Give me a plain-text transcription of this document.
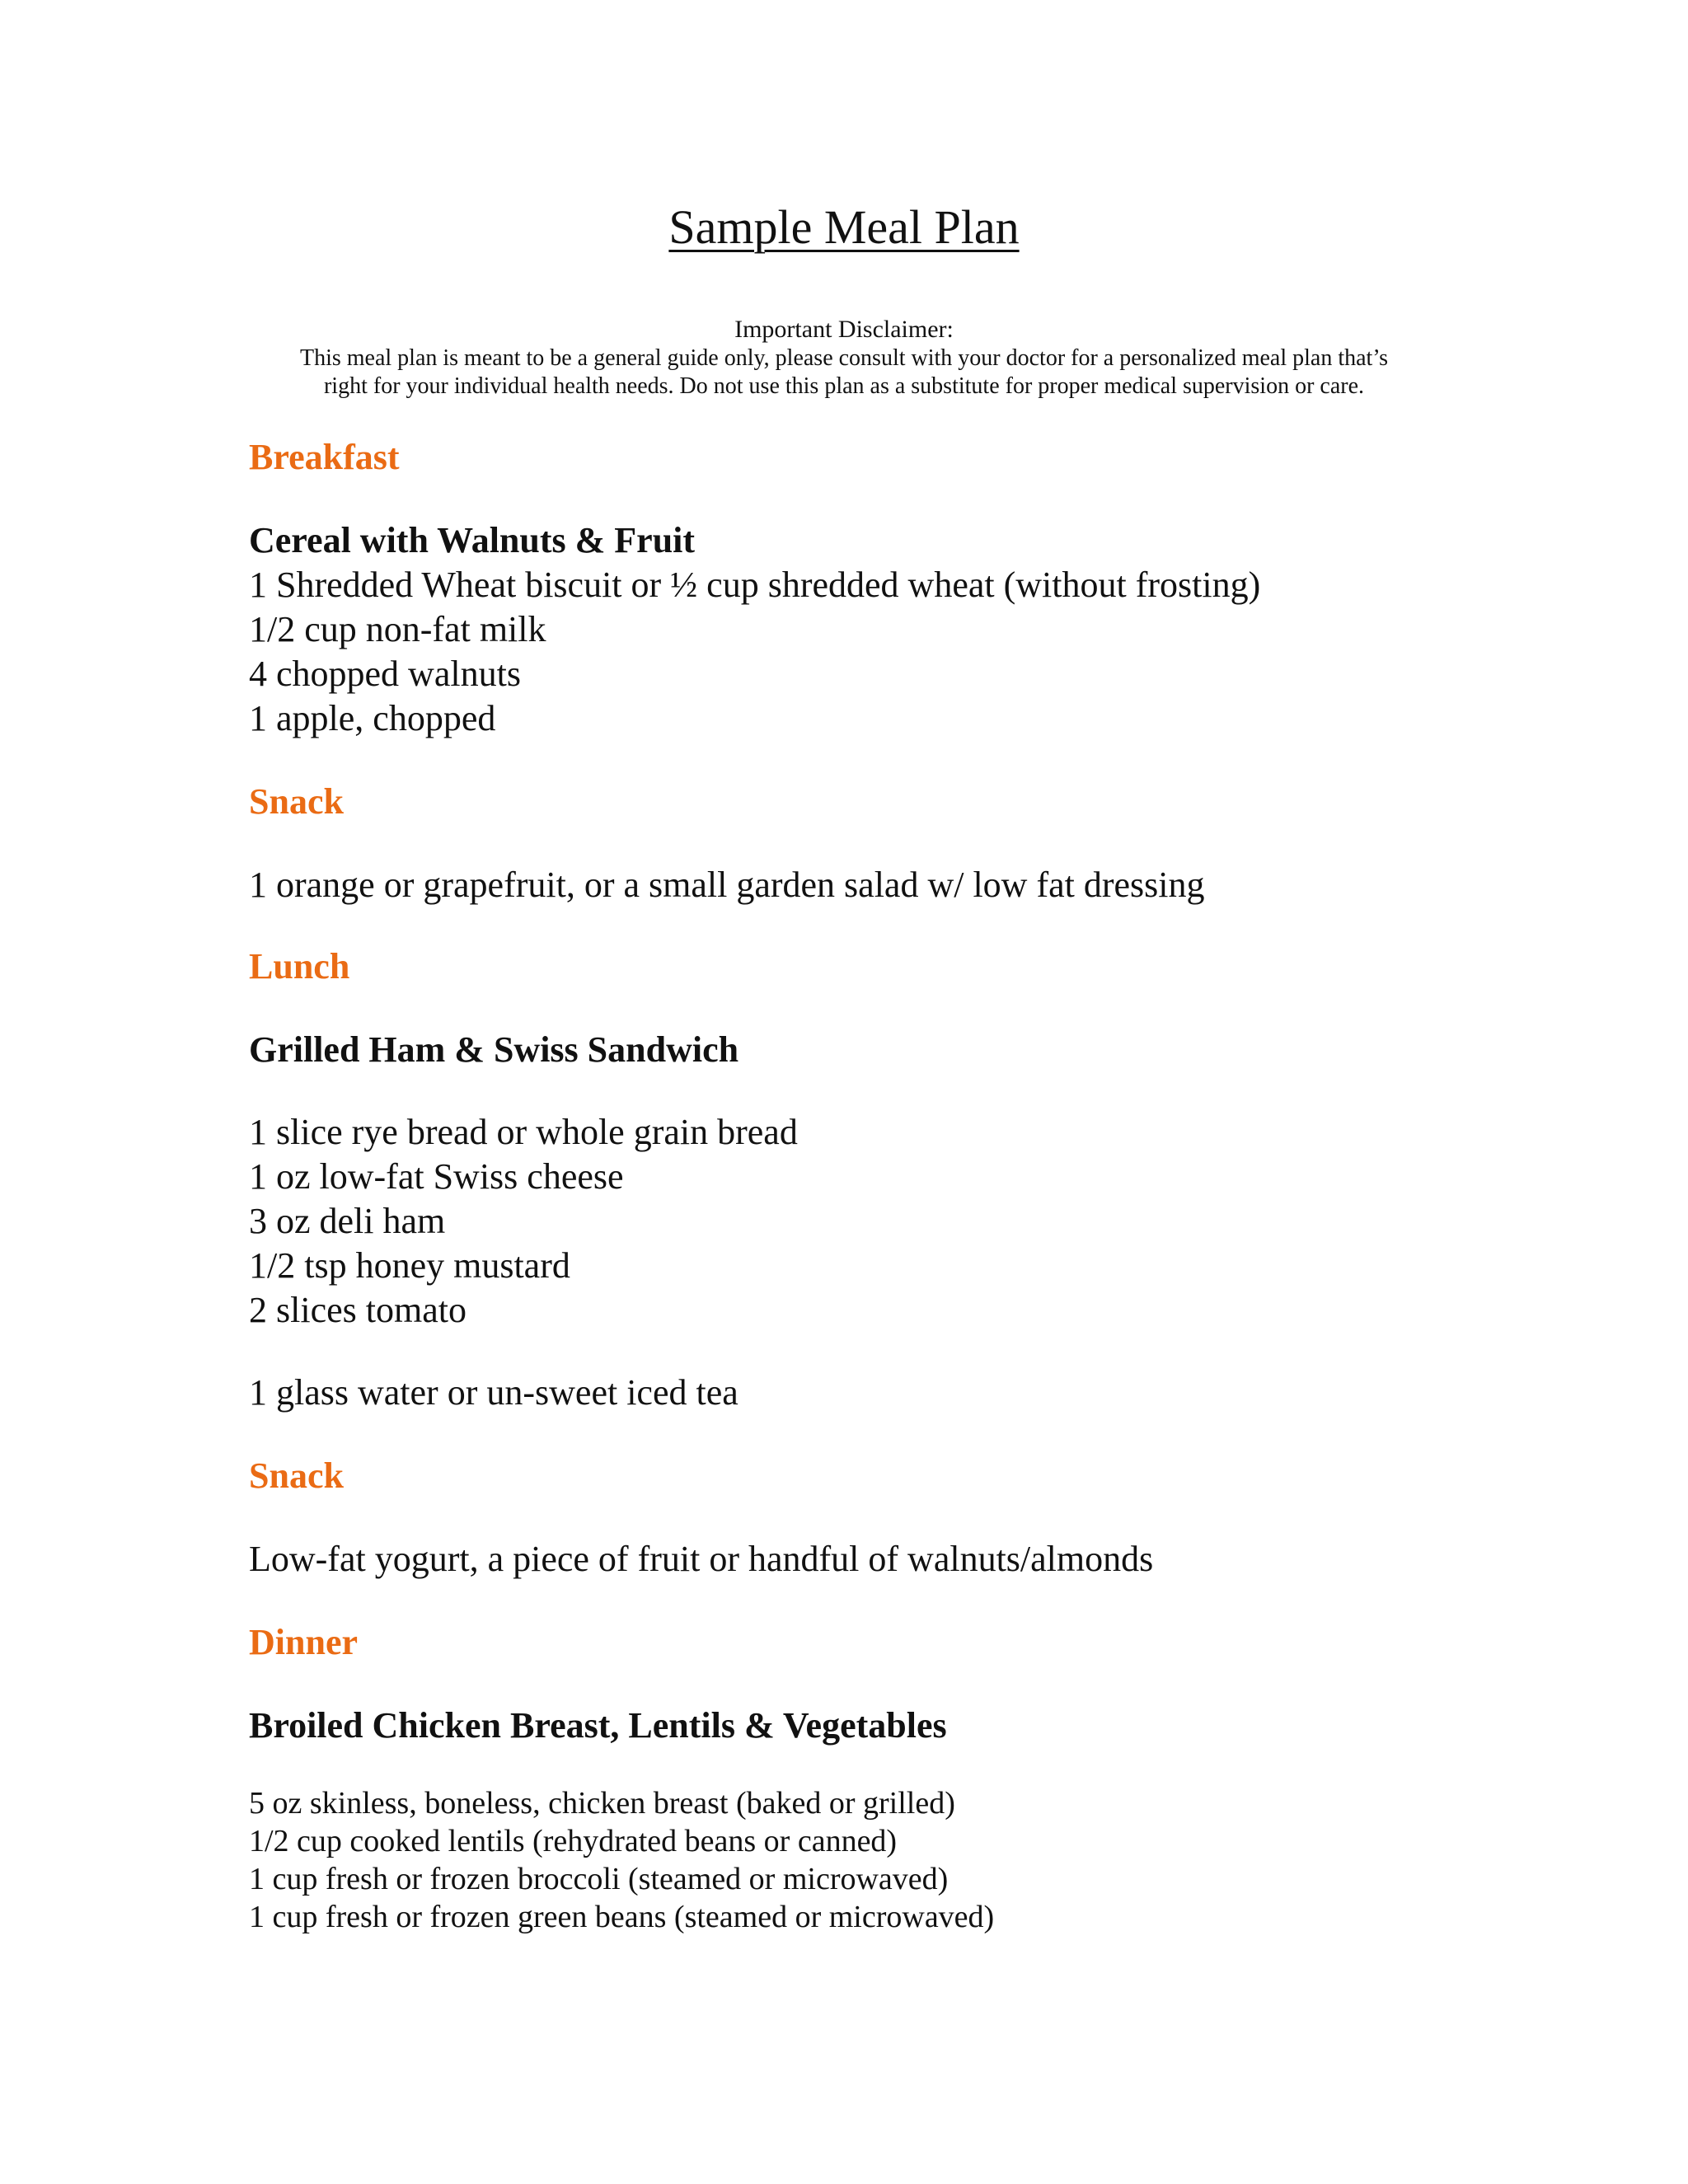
Sample Meal Plan
Important Disclaimer:
This meal plan is meant to be a general guide only, please consult with your doctor for a personalized meal plan that’s
right for your individual health needs. Do not use this plan as a substitute for proper medical supervision or care.
Breakfast
Cereal with Walnuts & Fruit
1 Shredded Wheat biscuit or ½ cup shredded wheat (without frosting)
1/2 cup non-fat milk
4 chopped walnuts
1 apple, chopped
Snack
1 orange or grapefruit, or a small garden salad w/ low fat dressing
Lunch
Grilled Ham & Swiss Sandwich
1 slice rye bread or whole grain bread
1 oz low-fat Swiss cheese
3 oz deli ham
1/2 tsp honey mustard
2 slices tomato
1 glass water or un-sweet iced tea
Snack
Low-fat yogurt, a piece of fruit or handful of walnuts/almonds
Dinner
Broiled Chicken Breast, Lentils & Vegetables
5 oz skinless, boneless, chicken breast (baked or grilled)
1/2 cup cooked lentils (rehydrated beans or canned)
1 cup fresh or frozen broccoli (steamed or microwaved)
1 cup fresh or frozen green beans (steamed or microwaved)
